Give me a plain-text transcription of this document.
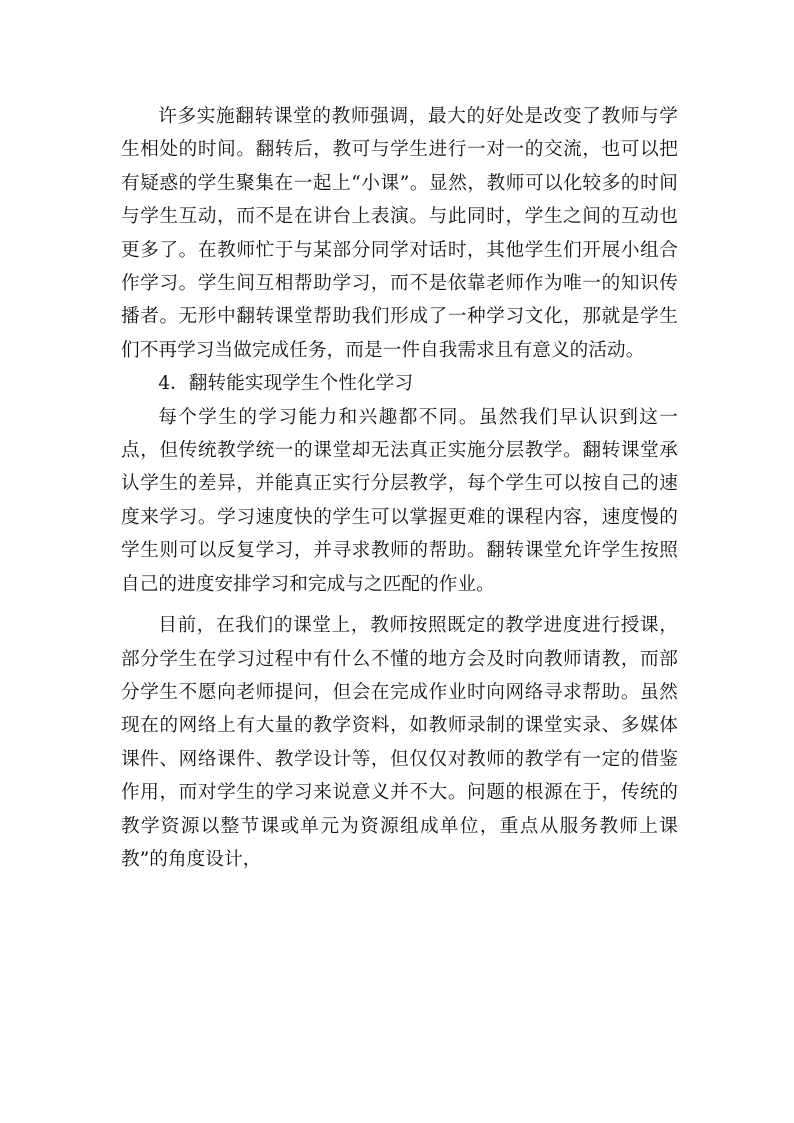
许多实施翻转课堂的教师强调，最大的好处是改变了教师与学生相处的时间。翻转后，教可与学生进行一对一的交流，也可以把有疑惑的学生聚集在一起上“小课”。显然，教师可以化较多的时间与学生互动，而不是在讲台上表演。与此同时，学生之间的互动也更多了。在教师忙于与某部分同学对话时，其他学生们开展小组合作学习。学生间互相帮助学习，而不是依靠老师作为唯一的知识传播者。无形中翻转课堂帮助我们形成了一种学习文化，那就是学生们不再学习当做完成任务，而是一件自我需求且有意义的活动。

4．翻转能实现学生个性化学习

每个学生的学习能力和兴趣都不同。虽然我们早认识到这一点，但传统教学统一的课堂却无法真正实施分层教学。翻转课堂承认学生的差异，并能真正实行分层教学，每个学生可以按自己的速度来学习。学习速度快的学生可以掌握更难的课程内容，速度慢的学生则可以反复学习，并寻求教师的帮助。翻转课堂允许学生按照自己的进度安排学习和完成与之匹配的作业。

目前，在我们的课堂上，教师按照既定的教学进度进行授课，部分学生在学习过程中有什么不懂的地方会及时向教师请教，而部分学生不愿向老师提问，但会在完成作业时向网络寻求帮助。虽然现在的网络上有大量的教学资料，如教师录制的课堂实录、多媒体课件、网络课件、教学设计等，但仅仅对教师的教学有一定的借鉴作用，而对学生的学习来说意义并不大。问题的根源在于，传统的教学资源以整节课或单元为资源组成单位，重点从服务教师上课教”的角度设计，
